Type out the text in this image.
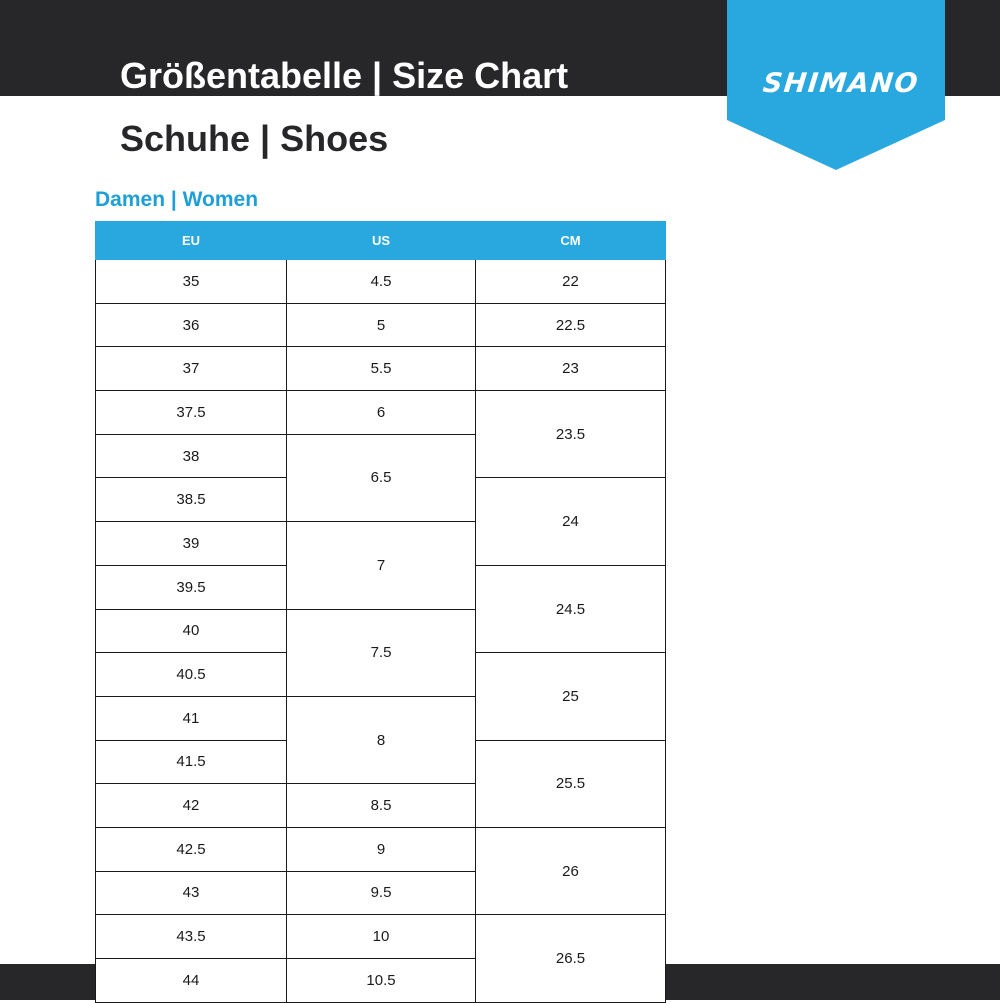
SHIMANO
Größentabelle | Size Chart
Schuhe | Shoes
Damen | Women
EU	US	CM
35	4.5	22
36	5	22.5
37	5.5	23
37.5	6	23.5
38	6.5	
38.5		24
39	7	
39.5		24.5
40	7.5	
40.5		25
41	8	
41.5		25.5
42	8.5	
42.5	9	26
43	9.5	
43.5	10	26.5
44	10.5	
